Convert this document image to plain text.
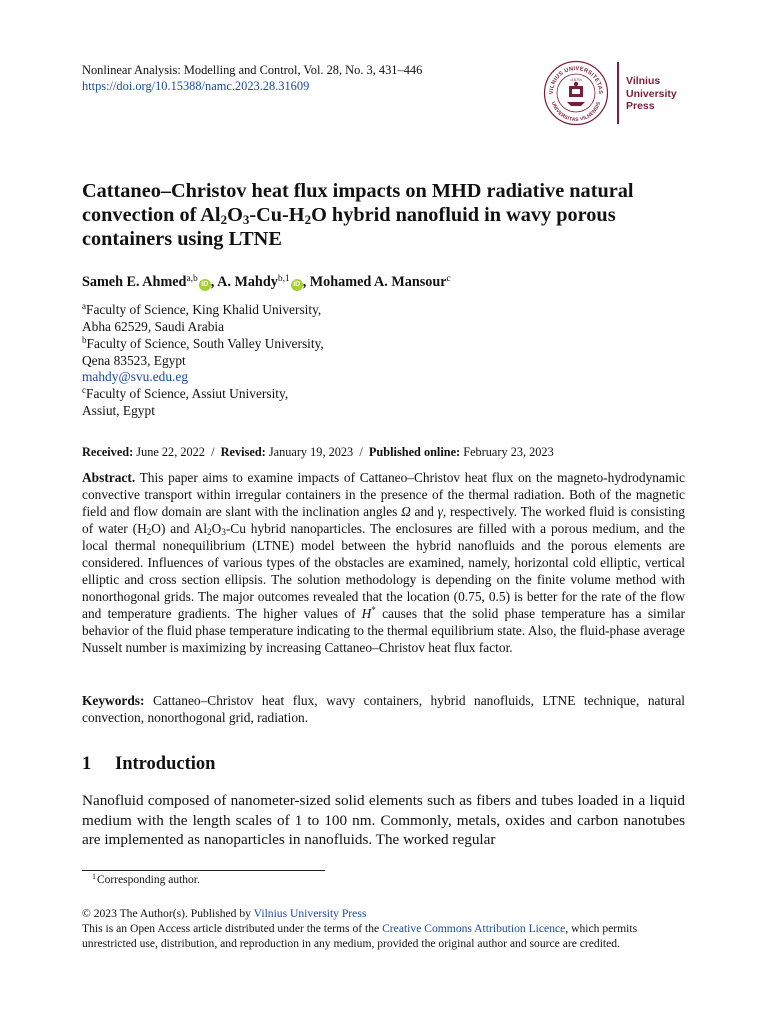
Nonlinear Analysis: Modelling and Control, Vol. 28, No. 3, 431–446
https://doi.org/10.15388/namc.2023.28.31609	VILNIUS UNIVERSITETAS
UNIVERSITAS VILNENSIS
•1579•	Vilnius
University
Press
Cattaneo–Christov heat flux impacts on MHD radiative natural convection of $Al_2O_3-Cu-H_2O$ hybrid nanofluid in wavy porous containers using LTNE
Sameh E. Ahmed$^{a,b}$iD , A. Mahdy$^{b,1}$iD , Mohamed A. Mansour$^c$
$^a$Faculty of Science, King Khalid University,
Abha 62529, Saudi Arabia
$^b$Faculty of Science, South Valley University,
Qena 83523, Egypt
mahdy@svu.edu.eg
$^c$Faculty of Science, Assiut University,
Assiut, Egypt
Received: June 22, 2022  /  Revised: January 19, 2023  /  Published online: February 23, 2023
Abstract. This paper aims to examine impacts of Cattaneo–Christov heat flux on the magneto-hydrodynamic convective transport within irregular containers in the presence of the thermal radiation. Both of the magnetic field and flow domain are slant with the inclination angles Ω and γ, respectively. The worked fluid is consisting of water $(H_2O)$ and $Al_2O_3-Cu$ hybrid nanoparticles. The enclosures are filled with a porous medium, and the local thermal nonequilibrium (LTNE) model between the hybrid nanofluids and the porous elements are considered. Influences of various types of the obstacles are examined, namely, horizontal cold elliptic, vertical elliptic and cross section ellipsis. The solution methodology is depending on the finite volume method with nonorthogonal grids. The major outcomes revealed that the location (0.75, 0.5) is better for the rate of the flow and temperature gradients. The higher values of H* causes that the solid phase temperature has a similar behavior of the fluid phase temperature indicating to the thermal equilibrium state. Also, the fluid-phase average Nusselt number is maximizing by increasing Cattaneo–Christov heat flux factor.
Keywords: Cattaneo–Christov heat flux, wavy containers, hybrid nanofluids, LTNE technique, natural convection, nonorthogonal grid, radiation.
1 Introduction
Nanofluid composed of nanometer-sized solid elements such as fibers and tubes loaded in a liquid medium with the length scales of 1 to 100 nm. Commonly, metals, oxides and carbon nanotubes are implemented as nanoparticles in nanofluids. The worked regular
$^1$Corresponding author.
© 2023 The Author(s). Published by Vilnius University Press
This is an Open Access article distributed under the terms of the Creative Commons Attribution Licence, which permits unrestricted use, distribution, and reproduction in any medium, provided the original author and source are credited.
